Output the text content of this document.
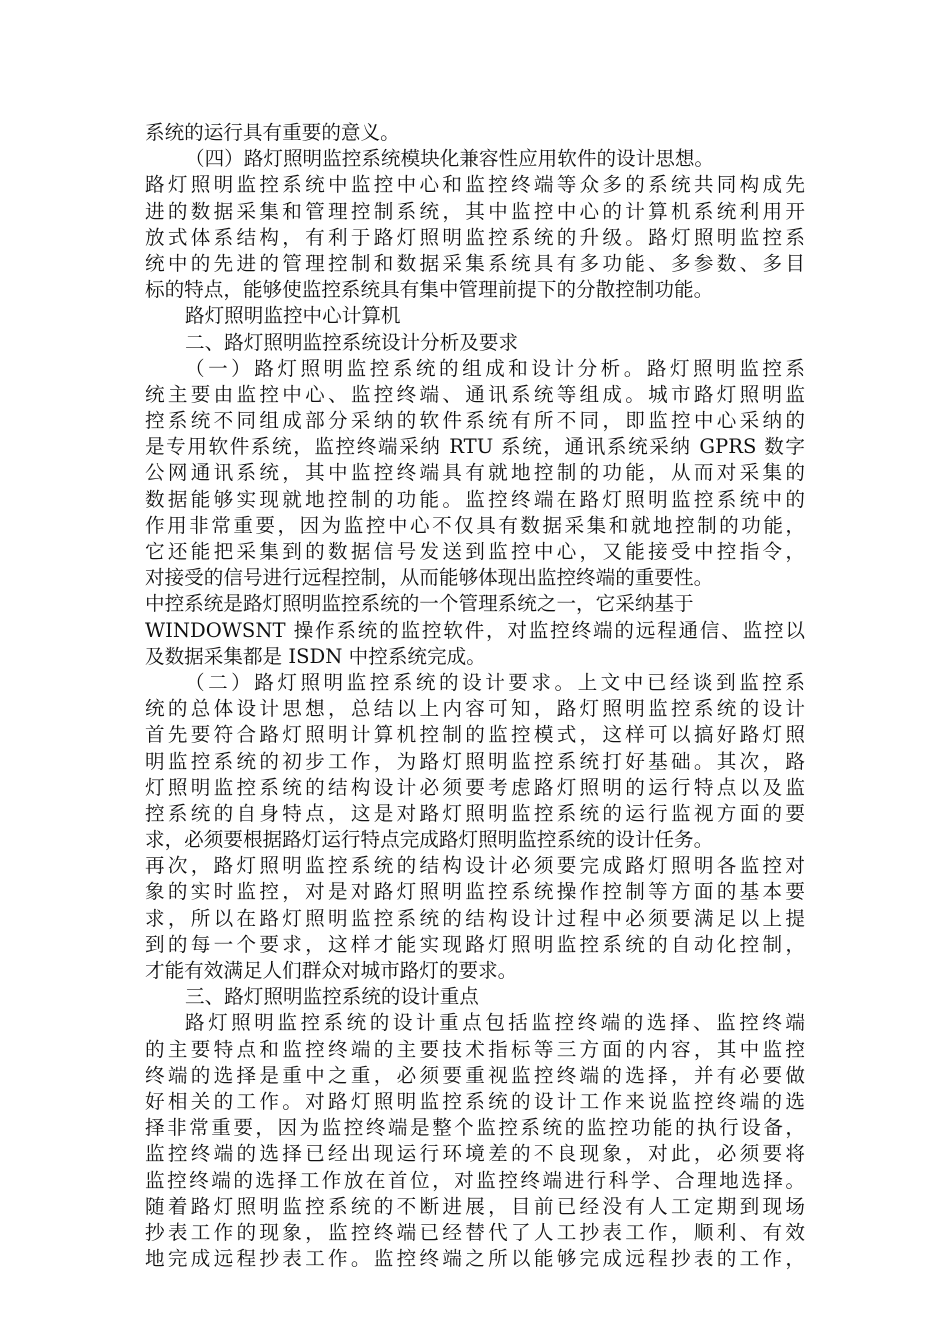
系统的运行具有重要的意义。
（四）路灯照明监控系统模块化兼容性应用软件的设计思想。
路灯照明监控系统中监控中心和监控终端等众多的系统共同构成先
进的数据采集和管理控制系统，其中监控中心的计算机系统利用开
放式体系结构，有利于路灯照明监控系统的升级。路灯照明监控系
统中的先进的管理控制和数据采集系统具有多功能、多参数、多目
标的特点，能够使监控系统具有集中管理前提下的分散控制功能。
路灯照明监控中心计算机
二、路灯照明监控系统设计分析及要求
（一）路灯照明监控系统的组成和设计分析。路灯照明监控系
统主要由监控中心、监控终端、通讯系统等组成。城市路灯照明监
控系统不同组成部分采纳的软件系统有所不同，即监控中心采纳的
是专用软件系统，监控终端采纳 RTU 系统，通讯系统采纳 GPRS 数字
公网通讯系统，其中监控终端具有就地控制的功能，从而对采集的
数据能够实现就地控制的功能。监控终端在路灯照明监控系统中的
作用非常重要，因为监控中心不仅具有数据采集和就地控制的功能，
它还能把采集到的数据信号发送到监控中心，又能接受中控指令，
对接受的信号进行远程控制，从而能够体现出监控终端的重要性。
中控系统是路灯照明监控系统的一个管理系统之一，它采纳基于
WINDOWSNT 操作系统的监控软件，对监控终端的远程通信、监控以
及数据采集都是 ISDN 中控系统完成。
（二）路灯照明监控系统的设计要求。上文中已经谈到监控系
统的总体设计思想，总结以上内容可知，路灯照明监控系统的设计
首先要符合路灯照明计算机控制的监控模式，这样可以搞好路灯照
明监控系统的初步工作，为路灯照明监控系统打好基础。其次，路
灯照明监控系统的结构设计必须要考虑路灯照明的运行特点以及监
控系统的自身特点，这是对路灯照明监控系统的运行监视方面的要
求，必须要根据路灯运行特点完成路灯照明监控系统的设计任务。
再次，路灯照明监控系统的结构设计必须要完成路灯照明各监控对
象的实时监控，对是对路灯照明监控系统操作控制等方面的基本要
求，所以在路灯照明监控系统的结构设计过程中必须要满足以上提
到的每一个要求，这样才能实现路灯照明监控系统的自动化控制，
才能有效满足人们群众对城市路灯的要求。
三、路灯照明监控系统的设计重点
路灯照明监控系统的设计重点包括监控终端的选择、监控终端
的主要特点和监控终端的主要技术指标等三方面的内容，其中监控
终端的选择是重中之重，必须要重视监控终端的选择，并有必要做
好相关的工作。对路灯照明监控系统的设计工作来说监控终端的选
择非常重要，因为监控终端是整个监控系统的监控功能的执行设备，
监控终端的选择已经出现运行环境差的不良现象，对此，必须要将
监控终端的选择工作放在首位，对监控终端进行科学、合理地选择。
随着路灯照明监控系统的不断进展，目前已经没有人工定期到现场
抄表工作的现象，监控终端已经替代了人工抄表工作，顺利、有效
地完成远程抄表工作。监控终端之所以能够完成远程抄表的工作，
